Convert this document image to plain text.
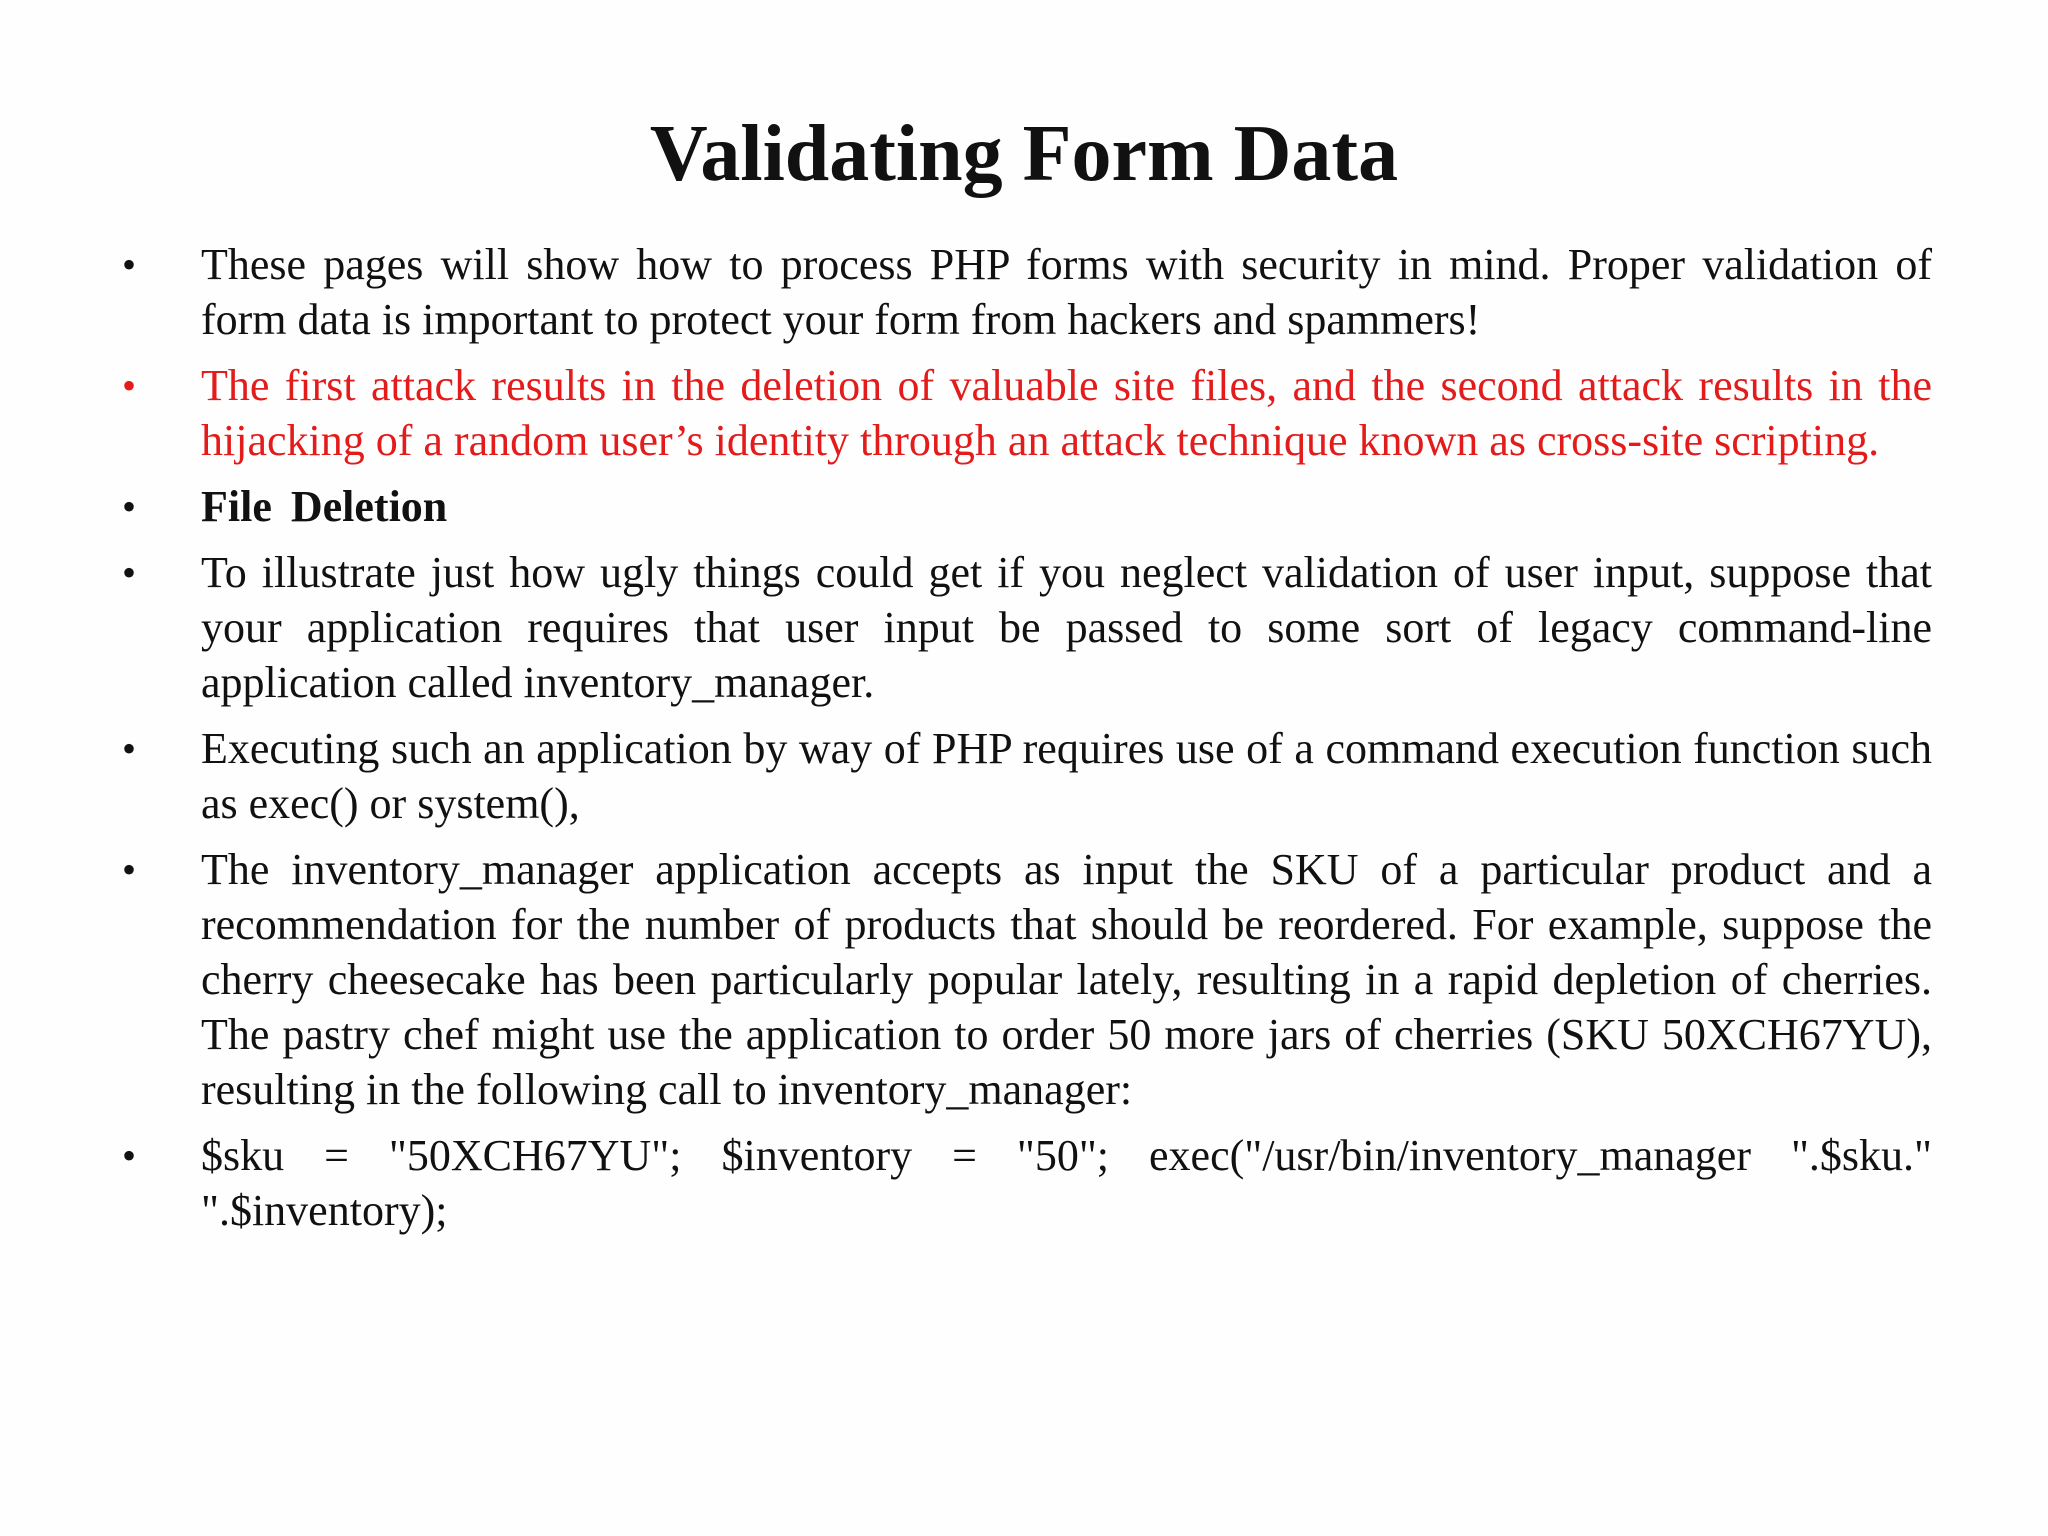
Validating Form Data
•	These pages will show how to process PHP forms with security in mind. Proper validation of form data is important to protect your form from hackers and spammers!
•	The first attack results in the deletion of valuable site files, and the second attack results in the hijacking of a random user’s identity through an attack technique known as cross-site scripting.
•	File Deletion
•	To illustrate just how ugly things could get if you neglect validation of user input, suppose that your application requires that user input be passed to some sort of legacy command-line application called inventory_manager.
•	Executing such an application by way of PHP requires use of a command execution function such as exec() or system(),
•	The inventory_manager application accepts as input the SKU of a particular product and a recommendation for the number of products that should be reordered. For example, suppose the cherry cheesecake has been particularly popular lately, resulting in a rapid depletion of cherries. The pastry chef might use the application to order 50 more jars of cherries (SKU 50XCH67YU), resulting in the following call to inventory_manager:
•	$sku = "50XCH67YU"; $inventory = "50"; exec("/usr/bin/inventory_manager ".$sku." ".$inventory);
